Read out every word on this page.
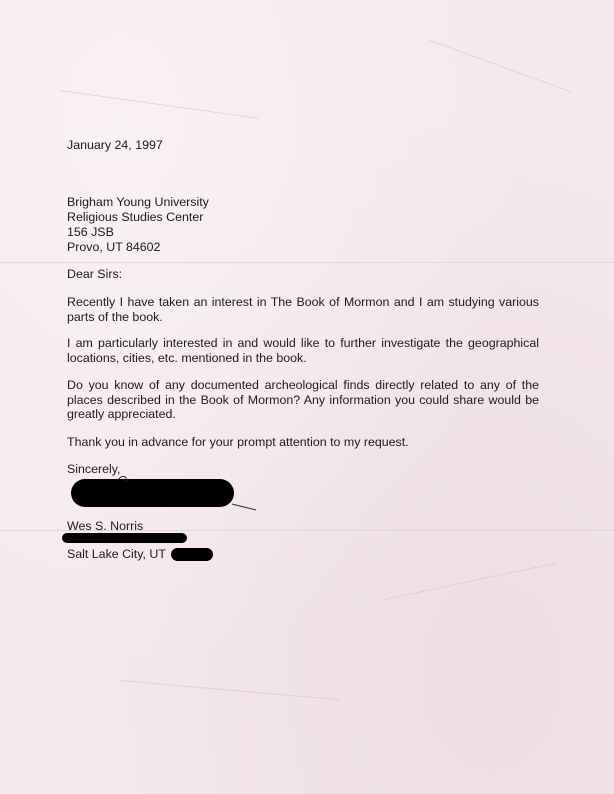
January 24, 1997
Brigham Young University
Religious Studies Center
156 JSB
Provo, UT 84602
Dear Sirs:
Recently I have taken an interest in The Book of Mormon and I am studying various parts of the book.
I am particularly interested in and would like to further investigate the geographical locations, cities, etc. mentioned in the book.
Do you know of any documented archeological finds directly related to any of the places described in the Book of Mormon? Any information you could share would be greatly appreciated.
Thank you in advance for your prompt attention to my request.
Sincerely,
Wes S. Norris
Salt Lake City, UT
